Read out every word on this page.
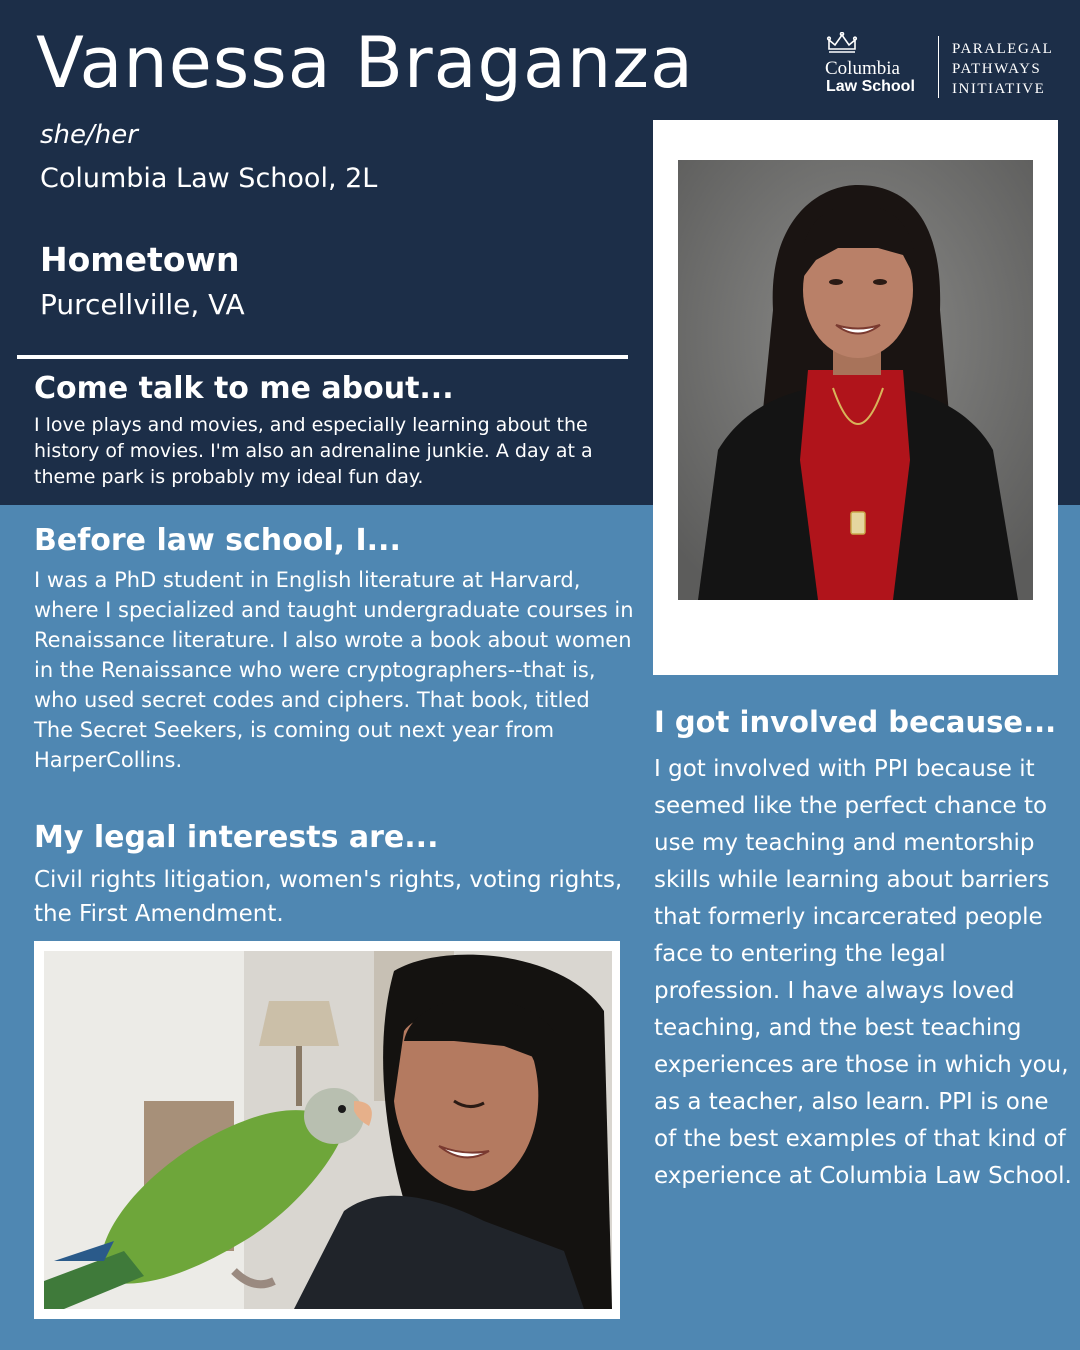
Vanessa Braganza
she/her
Columbia Law School, 2L
Hometown
Purcellville, VA
Columbia
Law School
PARALEGAL
PATHWAYS
INITIATIVE
Come talk to me about...

I love plays and movies, and especially learning about the history of movies. I'm also an adrenaline junkie. A day at a theme park is probably my ideal fun day.

Before law school, I...

I was a PhD student in English literature at Harvard, where I specialized and taught undergraduate courses in Renaissance literature. I also wrote a book about women in the Renaissance who were cryptographers--that is, who used secret codes and ciphers. That book, titled The Secret Seekers, is coming out next year from HarperCollins.

My legal interests are...

Civil rights litigation, women's rights, voting rights, the First Amendment.

I got involved because...

I got involved with PPI because it seemed like the perfect chance to use my teaching and mentorship skills while learning about barriers that formerly incarcerated people face to entering the legal profession. I have always loved teaching, and the best teaching experiences are those in which you, as a teacher, also learn. PPI is one of the best examples of that kind of experience at Columbia Law School.
